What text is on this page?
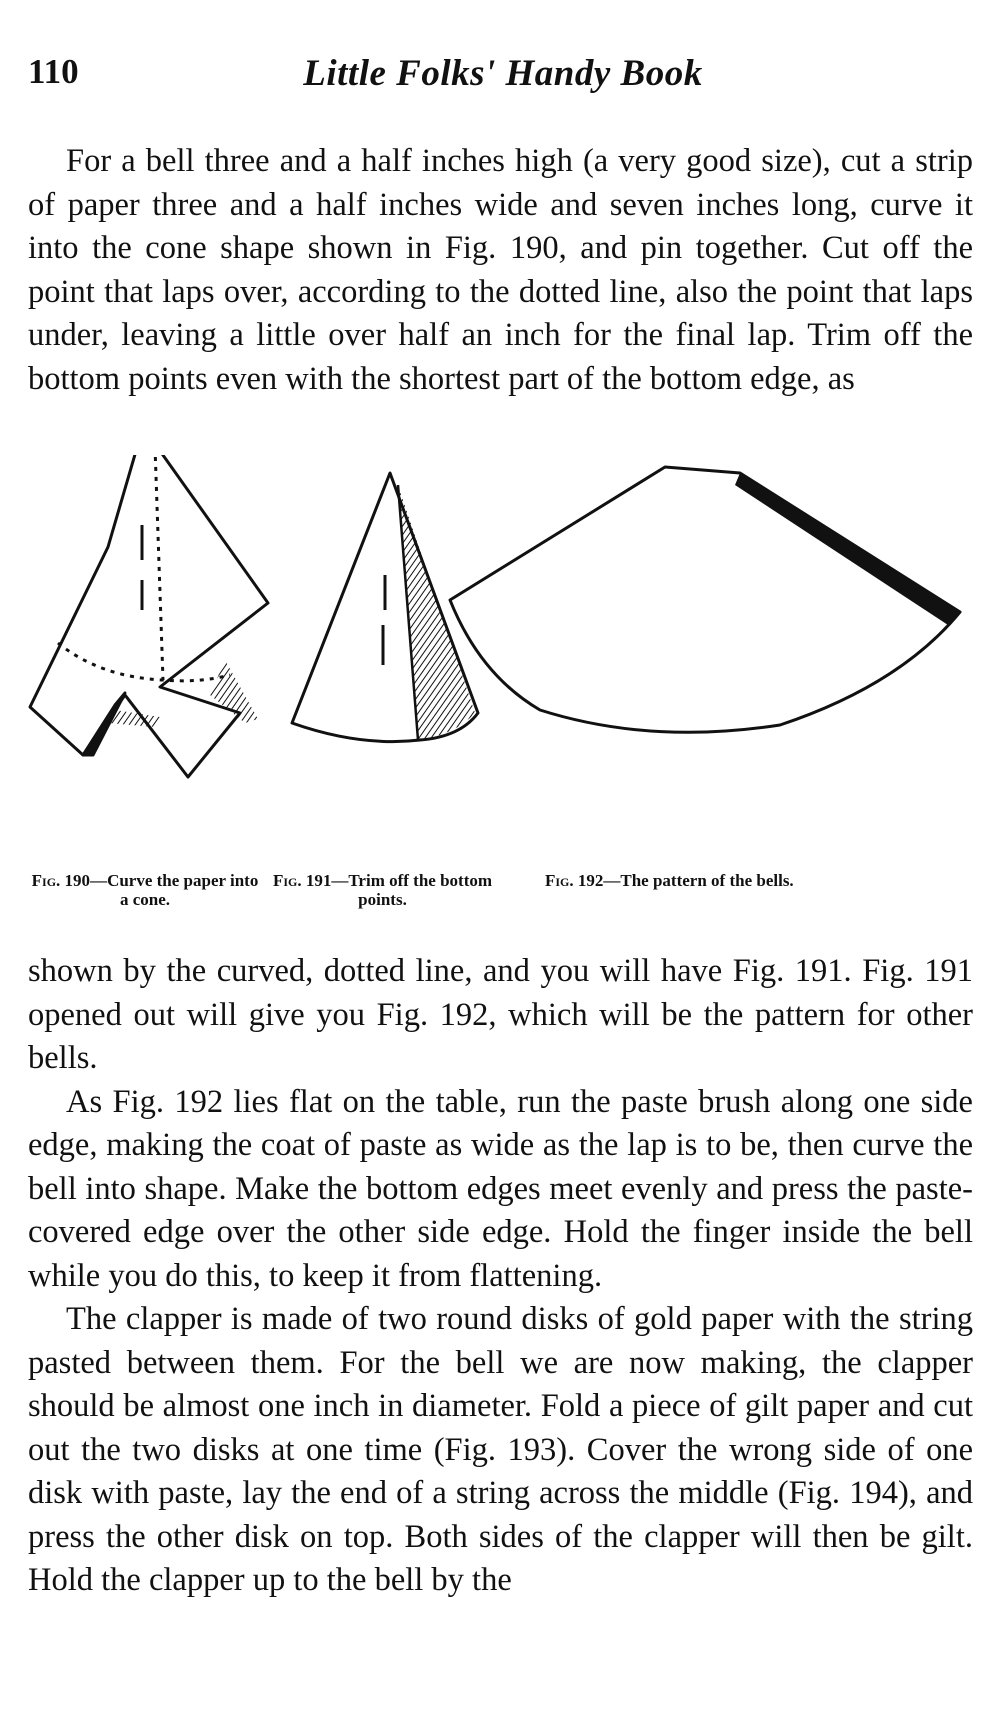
110	Little Folks' Handy Book

For a bell three and a half inches high (a very good size), cut a strip of paper three and a half inches wide and seven inches long, curve it into the cone shape shown in Fig. 190, and pin together. Cut off the point that laps over, according to the dotted line, also the point that laps under, leaving a little over half an inch for the final lap. Trim off the bottom points even with the shortest part of the bottom edge, as

Fig. 190—Curve the paper into a cone.
Fig. 191—Trim off the bottom points.
Fig. 192—The pattern of the bells.

shown by the curved, dotted line, and you will have Fig. 191. Fig. 191 opened out will give you Fig. 192, which will be the pattern for other bells.

As Fig. 192 lies flat on the table, run the paste brush along one side edge, making the coat of paste as wide as the lap is to be, then curve the bell into shape. Make the bottom edges meet evenly and press the paste-covered edge over the other side edge. Hold the finger inside the bell while you do this, to keep it from flattening.

The clapper is made of two round disks of gold paper with the string pasted between them. For the bell we are now making, the clapper should be almost one inch in diameter. Fold a piece of gilt paper and cut out the two disks at one time (Fig. 193). Cover the wrong side of one disk with paste, lay the end of a string across the middle (Fig. 194), and press the other disk on top. Both sides of the clapper will then be gilt. Hold the clapper up to the bell by the
